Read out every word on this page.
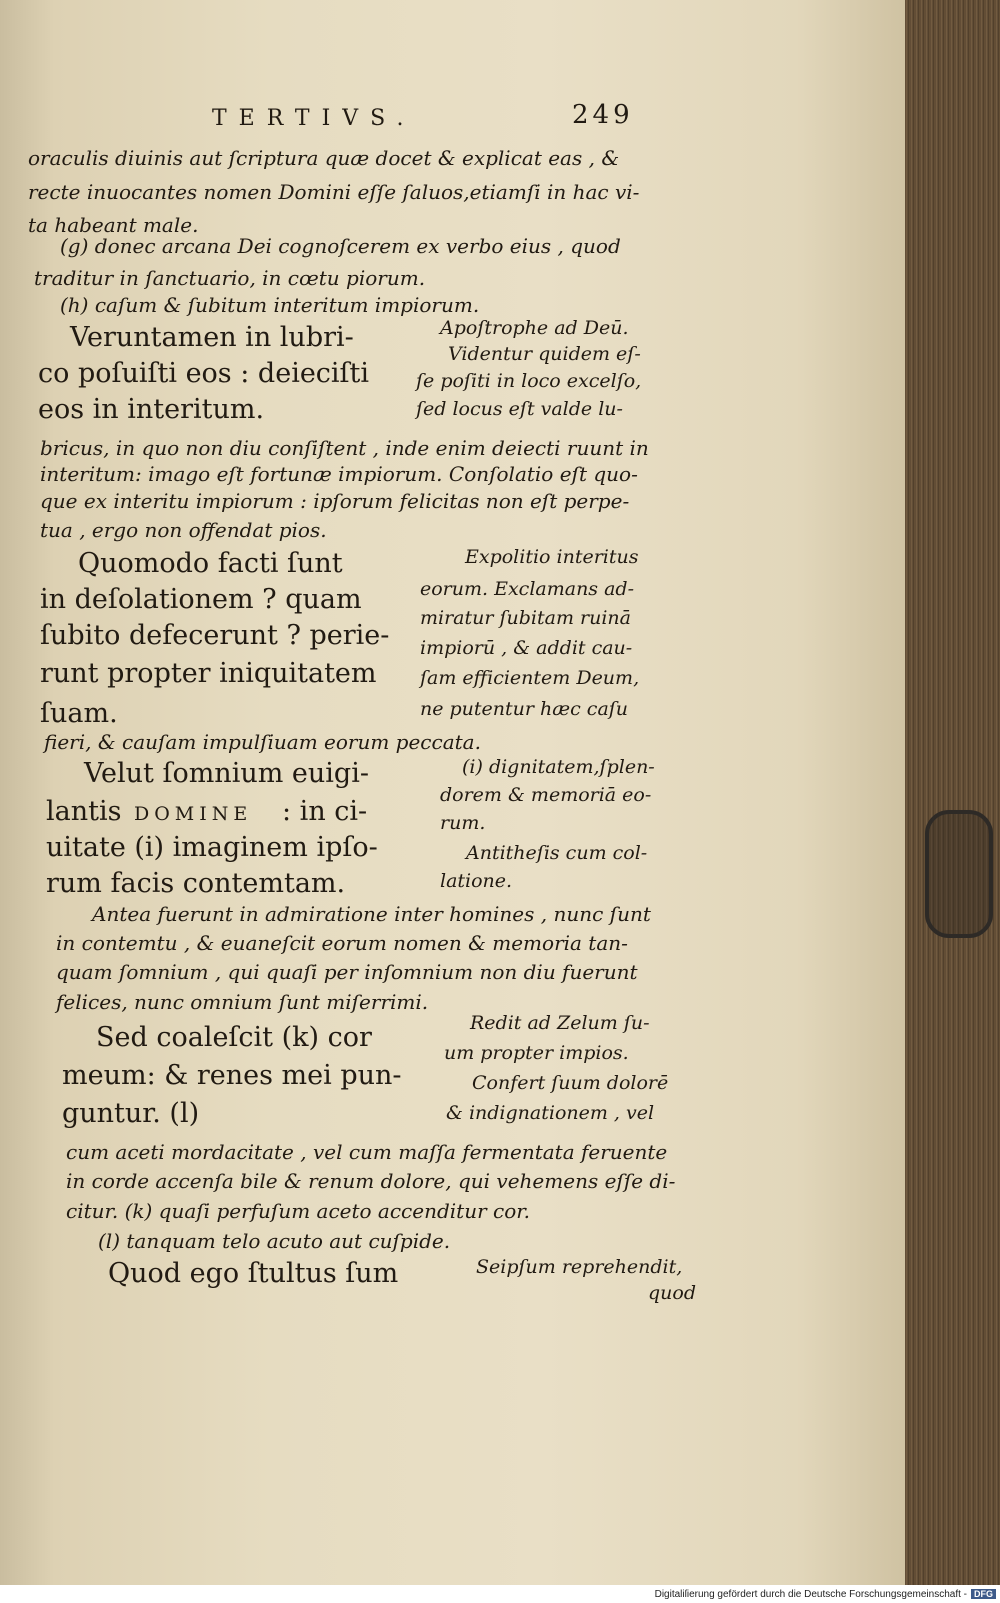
TERTIVS.	249
oraculis diuinis aut ſcriptura quæ docet & explicat eas , &
recte inuocantes nomen Domini eſſe ſaluos,etiamſi in hac vi-
ta habeant male.
(g) donec arcana Dei cognoſcerem ex verbo eius , quod
traditur in ſanctuario, in cœtu piorum.
(h) caſum & ſubitum interitum impiorum.
Veruntamen in lubri-
co poſuiſti eos : deieciſti
eos in interitum.
Apoſtrophe ad Deū.
Videntur quidem eſ-
ſe poſiti in loco excelſo,
ſed locus eſt valde lu-
bricus, in quo non diu conſiſtent , inde enim deiecti ruunt in
interitum: imago eſt fortunæ impiorum. Conſolatio eſt quo-
que ex interitu impiorum : ipſorum felicitas non eſt perpe-
tua , ergo non offendat pios.
Quomodo facti ſunt
in deſolationem ? quam
ſubito defecerunt ? perie-
runt propter iniquitatem
ſuam.
Expolitio interitus
eorum. Exclamans ad-
miratur ſubitam ruinā
impiorū , & addit cau-
ſam efficientem Deum,
ne putentur hæc caſu
fieri, & cauſam impulſiuam eorum peccata.
Velut ſomnium euigi-
lantis DOMINE : in ci-
uitate (i) imaginem ipſo-
rum facis contemtam.
(i) dignitatem,ſplen-
dorem & memoriā eo-
rum.
Antitheſis cum col-
latione.
Antea fuerunt in admiratione inter homines , nunc ſunt
in contemtu , & euaneſcit eorum nomen & memoria tan-
quam ſomnium , qui quaſi per inſomnium non diu fuerunt
felices, nunc omnium ſunt miſerrimi.
Sed coaleſcit (k) cor
meum: & renes mei pun-
guntur. (l)
Redit ad Zelum ſu-
um propter impios.
Confert ſuum dolorē
& indignationem , vel
cum aceti mordacitate , vel cum maſſa fermentata feruente
in corde accenſa bile & renum dolore, qui vehemens eſſe di-
citur. (k) quaſi perfuſum aceto accenditur cor.
(l) tanquam telo acuto aut cuſpide.
Quod ego ſtultus ſum	Seipſum reprehendit,
quod
Digitaliſierung gefördert durch die Deutsche Forschungsgemeinschaft - DFG
